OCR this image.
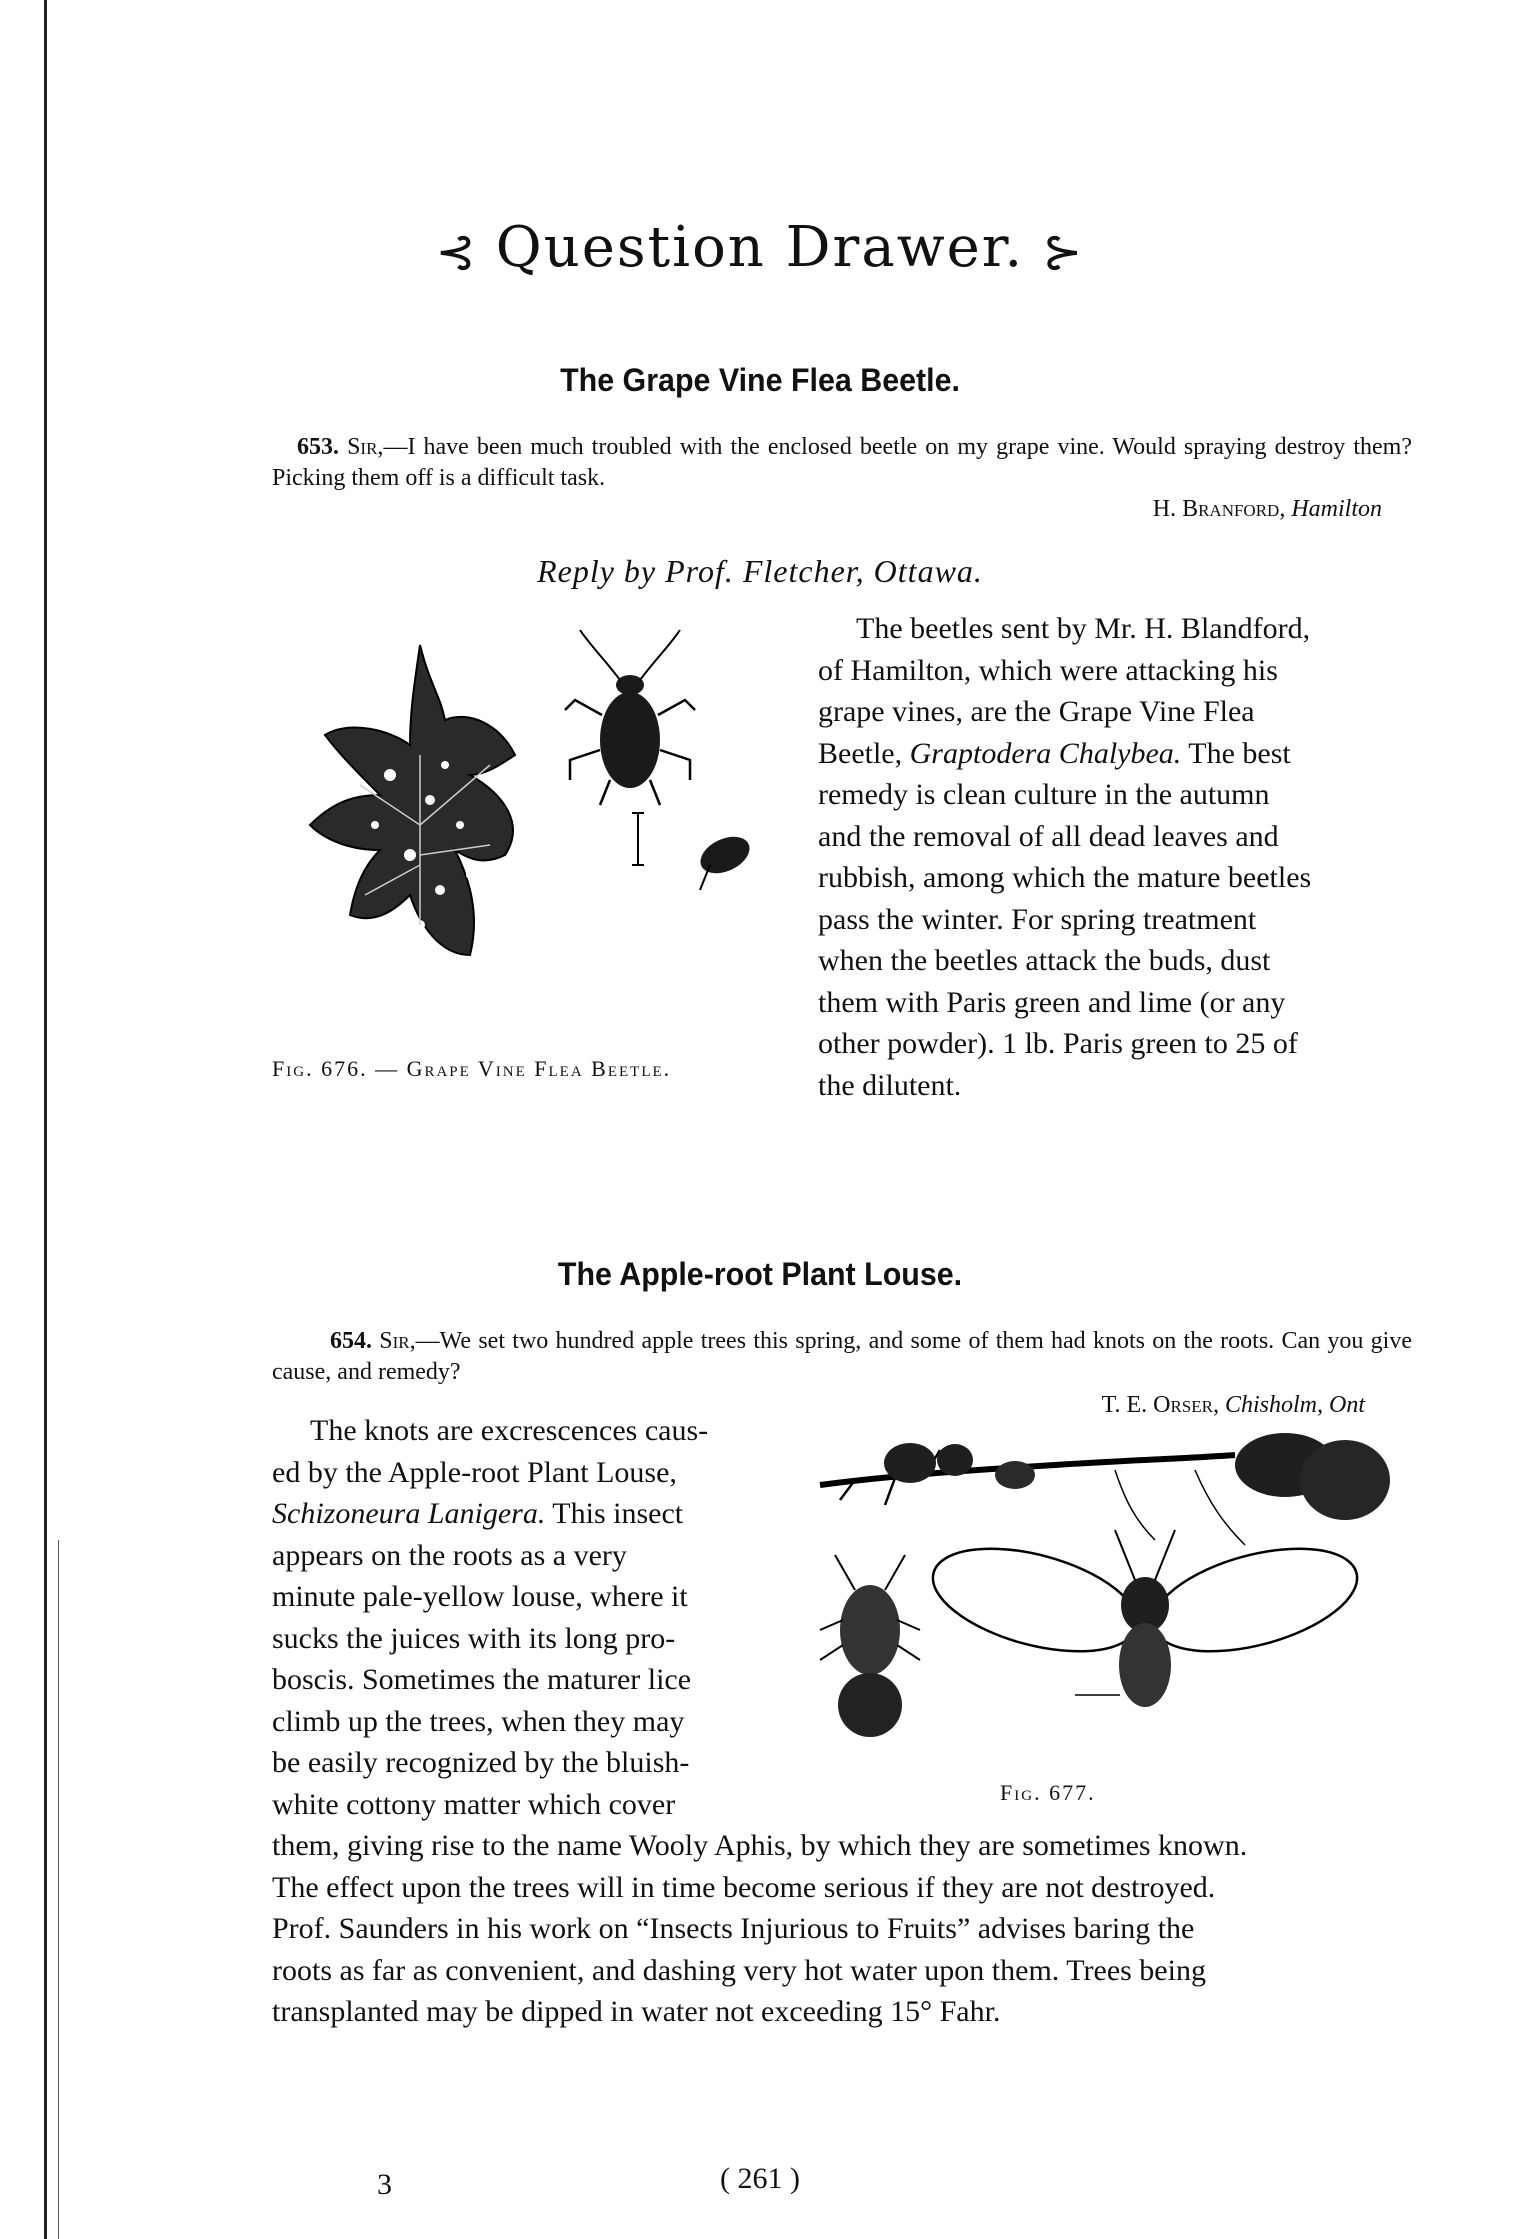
⊰ Question Drawer. ⊱
The Grape Vine Flea Beetle.
653. Sir,—I have been much troubled with the enclosed beetle on my grape vine. Would spraying destroy them? Picking them off is a difficult task.
H. Branford, Hamilton
Reply by Prof. Fletcher, Ottawa.
Fig. 676. — Grape Vine Flea Beetle.
The beetles sent by Mr. H. Blandford,
of Hamilton, which were attacking his
grape vines, are the Grape Vine Flea
Beetle, Graptodera Chalybea. The best
remedy is clean culture in the autumn
and the removal of all dead leaves and
rubbish, among which the mature beetles
pass the winter. For spring treatment
when the beetles attack the buds, dust
them with Paris green and lime (or any
other powder). 1 lb. Paris green to 25 of
the dilutent.
The Apple-root Plant Louse.
654. Sir,—We set two hundred apple trees this spring, and some of them had knots on the roots. Can you give cause, and remedy?
T. E. Orser, Chisholm, Ont
The knots are excrescences caus-
ed by the Apple-root Plant Louse,
Schizoneura Lanigera. This insect
appears on the roots as a very
minute pale-yellow louse, where it
sucks the juices with its long pro-
boscis. Sometimes the maturer lice
climb up the trees, when they may
be easily recognized by the bluish-
white cottony matter which cover	Fig. 677.
them, giving rise to the name Wooly Aphis, by which they are sometimes known.
The effect upon the trees will in time become serious if they are not destroyed.
Prof. Saunders in his work on “Insects Injurious to Fruits” advises baring the
roots as far as convenient, and dashing very hot water upon them. Trees being
transplanted may be dipped in water not exceeding 15° Fahr.
3	( 261 )
